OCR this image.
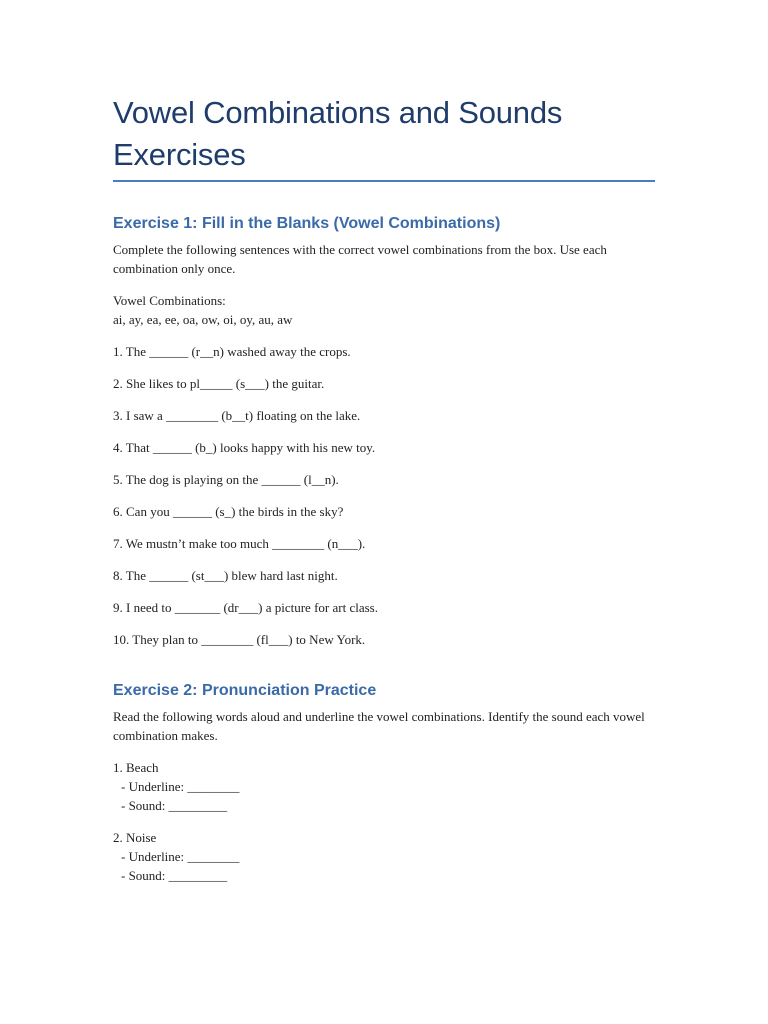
Vowel Combinations and Sounds Exercises
Exercise 1: Fill in the Blanks (Vowel Combinations)

Complete the following sentences with the correct vowel combinations from the box. Use each combination only once.

Vowel Combinations:
ai, ay, ea, ee, oa, ow, oi, oy, au, aw
1. The ______ (r__n) washed away the crops.
2. She likes to pl_____ (s___) the guitar.
3. I saw a ________ (b__t) floating on the lake.
4. That ______ (b_) looks happy with his new toy.
5. The dog is playing on the ______ (l__n).
6. Can you ______ (s_) the birds in the sky?
7. We mustn’t make too much ________ (n___).
8. The ______ (st___) blew hard last night.
9. I need to _______ (dr___) a picture for art class.
10. They plan to ________ (fl___) to New York.
Exercise 2: Pronunciation Practice

Read the following words aloud and underline the vowel combinations. Identify the sound each vowel combination makes.

1. Beach
- Underline: ________
- Sound: _________
2. Noise
- Underline: ________
- Sound: _________
